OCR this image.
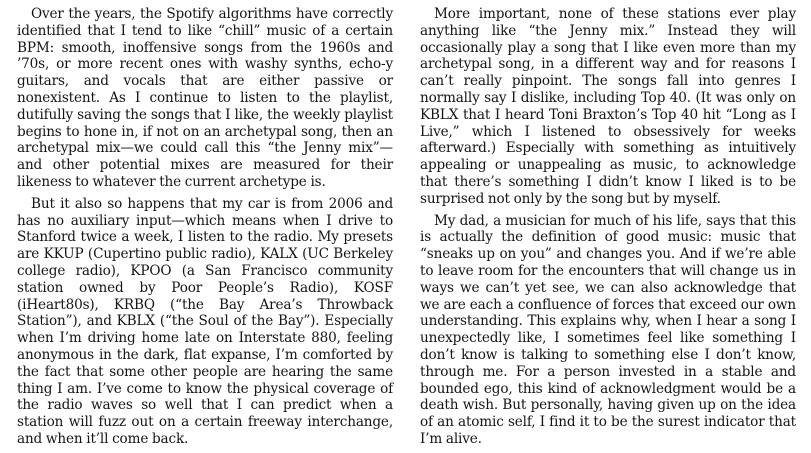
Over the years, the Spotify algorithms have correctly identified that I tend to like “chill” music of a certain BPM: smooth, inoffensive songs from the 1960s and ’70s, or more recent ones with washy synths, echo-y guitars, and vocals that are either passive or nonexistent. As I continue to listen to the playlist, dutifully saving the songs that I like, the weekly playlist begins to hone in, if not on an archetypal song, then an archetypal mix—we could call this “the Jenny mix”—and other potential mixes are measured for their likeness to whatever the current archetype is.

But it also so happens that my car is from 2006 and has no auxiliary input—which means when I drive to Stanford twice a week, I listen to the radio. My presets are KKUP (Cupertino public radio), KALX (UC Berkeley college radio), KPOO (a San Francisco community station owned by Poor People’s Radio), KOSF (iHeart80s), KRBQ (“the Bay Area’s Throwback Station”), and KBLX (“the Soul of the Bay”). Especially when I’m driving home late on Interstate 880, feeling anonymous in the dark, flat expanse, I’m comforted by the fact that some other people are hearing the same thing I am. I’ve come to know the physical coverage of the radio waves so well that I can predict when a station will fuzz out on a certain freeway interchange, and when it’ll come back.

More important, none of these stations ever play anything like “the Jenny mix.” Instead they will occasionally play a song that I like even more than my archetypal song, in a different way and for reasons I can’t really pinpoint. The songs fall into genres I normally say I dislike, including Top 40. (It was only on KBLX that I heard Toni Braxton’s Top 40 hit “Long as I Live,” which I listened to obsessively for weeks afterward.) Especially with something as intuitively appealing or unappealing as music, to acknowledge that there’s something I didn’t know I liked is to be surprised not only by the song but by myself.

My dad, a musician for much of his life, says that this is actually the definition of good music: music that “sneaks up on you” and changes you. And if we’re able to leave room for the encounters that will change us in ways we can’t yet see, we can also acknowledge that we are each a confluence of forces that exceed our own understanding. This explains why, when I hear a song I unexpectedly like, I sometimes feel like something I don’t know is talking to something else I don’t know, through me. For a person invested in a stable and bounded ego, this kind of acknowledgment would be a death wish. But personally, having given up on the idea of an atomic self, I find it to be the surest indicator that I’m alive.
